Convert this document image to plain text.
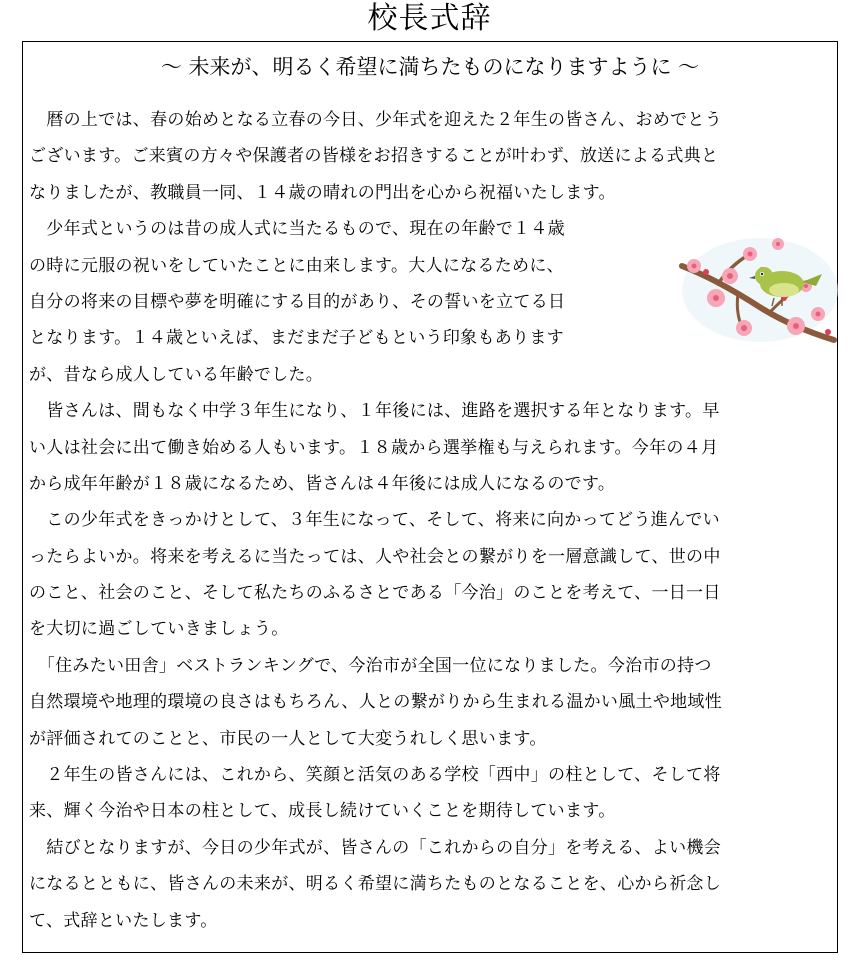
校長式辞
～ 未来が、明るく希望に満ちたものになりますように ～
　暦の上では、春の始めとなる立春の今日、少年式を迎えた２年生の皆さん、おめでとう
ございます。ご来賓の方々や保護者の皆様をお招きすることが叶わず、放送による式典と
なりましたが、教職員一同、１４歳の晴れの門出を心から祝福いたします。
　少年式というのは昔の成人式に当たるもので、現在の年齢で１４歳
の時に元服の祝いをしていたことに由来します。大人になるために、
自分の将来の目標や夢を明確にする目的があり、その誓いを立てる日
となります。１４歳といえば、まだまだ子どもという印象もあります
が、昔なら成人している年齢でした。
　皆さんは、間もなく中学３年生になり、１年後には、進路を選択する年となります。早
い人は社会に出て働き始める人もいます。１８歳から選挙権も与えられます。今年の４月
から成年年齢が１８歳になるため、皆さんは４年後には成人になるのです。
　この少年式をきっかけとして、３年生になって、そして、将来に向かってどう進んでい
ったらよいか。将来を考えるに当たっては、人や社会との繋がりを一層意識して、世の中
のこと、社会のこと、そして私たちのふるさとである「今治」のことを考えて、一日一日
を大切に過ごしていきましょう。
　「住みたい田舎」ベストランキングで、今治市が全国一位になりました。今治市の持つ
自然環境や地理的環境の良さはもちろん、人との繋がりから生まれる温かい風土や地域性
が評価されてのことと、市民の一人として大変うれしく思います。
　２年生の皆さんには、これから、笑顔と活気のある学校「西中」の柱として、そして将
来、輝く今治や日本の柱として、成長し続けていくことを期待しています。
　結びとなりますが、今日の少年式が、皆さんの「これからの自分」を考える、よい機会
になるとともに、皆さんの未来が、明るく希望に満ちたものとなることを、心から祈念し
て、式辞といたします。
